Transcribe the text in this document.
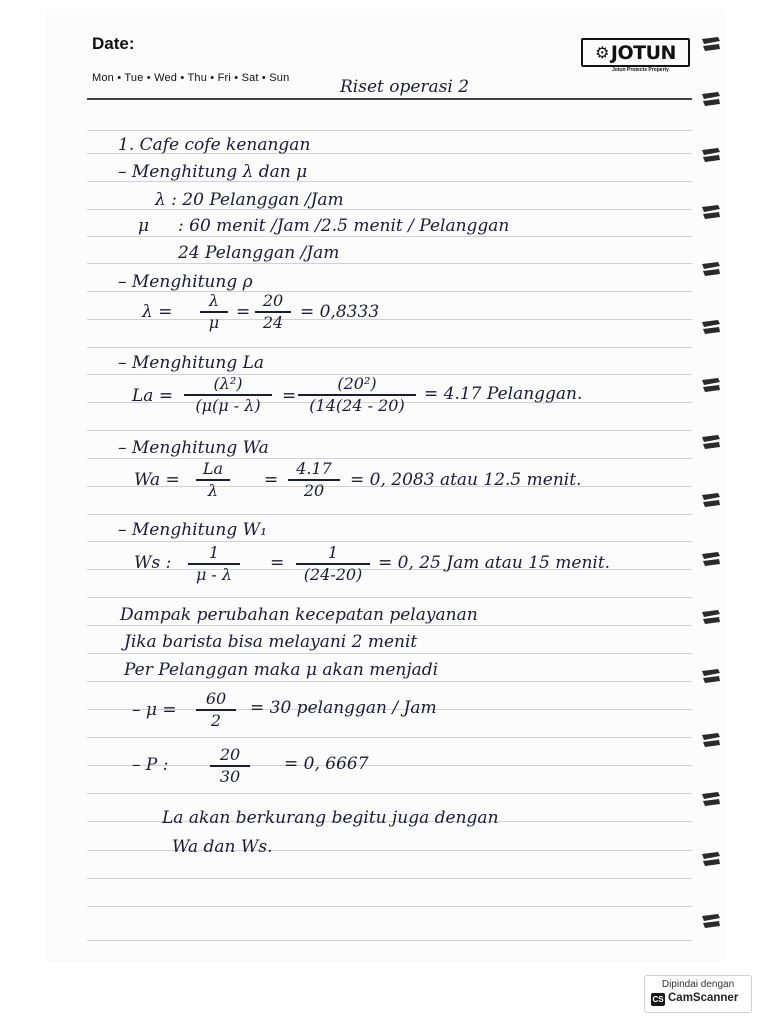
Date:
Mon • Tue • Wed • Thu • Fri • Sat • Sun
⚙ JOTUN
Jotun Protects Property
Riset operasi 2
1. Cafe cofe kenangan
– Menghitung λ dan μ
λ : 20 Pelanggan /Jam
μ : 60 menit /Jam /2.5 menit / Pelanggan
24 Pelanggan /Jam
– Menghitung ρ
λ =
λ
μ =
20
24 = 0,8333
– Menghitung La
La =
(λ²)
(μ(μ - λ) =
(20²)
(14(24 - 20)
= 4.17 Pelanggan.
– Menghitung Wa
Wa =
La
λ	=
4.17
20 = 0, 2083 atau 12.5 menit.
– Menghitung W₁
Ws :
1
μ - λ
=
1
(24-20)
= 0, 25 Jam atau 15 menit.
Dampak perubahan kecepatan pelayanan
Jika barista bisa melayani 2 menit
Per Pelanggan maka μ akan menjadi
– μ =
60
2
= 30 pelanggan / Jam
– P :
20
30
= 0, 6667
La akan berkurang begitu juga dengan
Wa dan Ws.
Dipindai dengan
CS CamScanner
